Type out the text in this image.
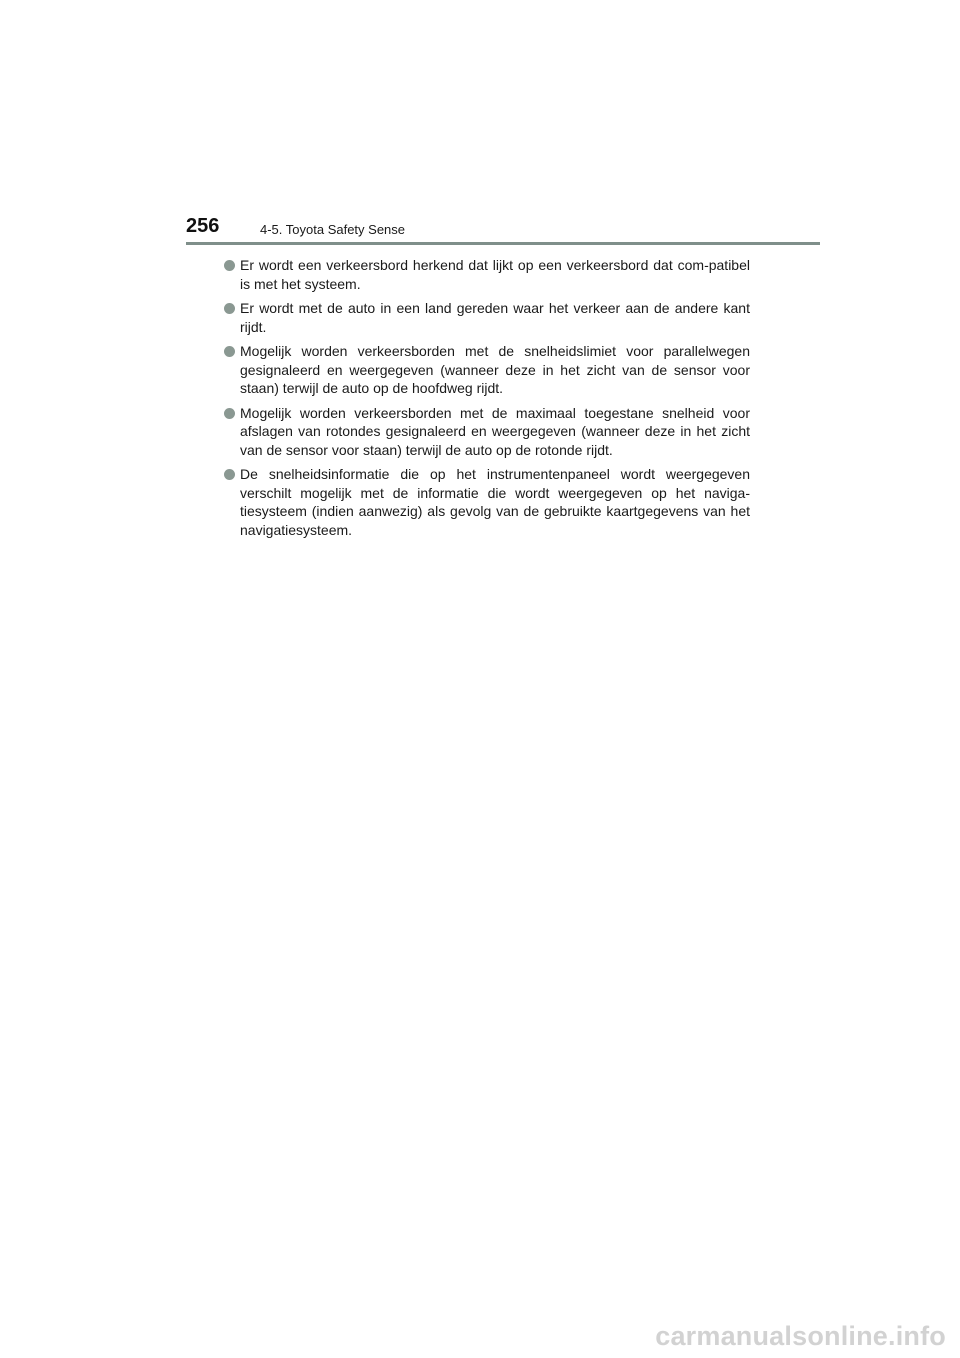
256	4-5. Toyota Safety Sense
Er wordt een verkeersbord herkend dat lijkt op een verkeersbord dat com-patibel is met het systeem.
Er wordt met de auto in een land gereden waar het verkeer aan de andere kant rijdt.
Mogelijk worden verkeersborden met de snelheidslimiet voor parallelwegen gesignaleerd en weergegeven (wanneer deze in het zicht van de sensor voor staan) terwijl de auto op de hoofdweg rijdt.
Mogelijk worden verkeersborden met de maximaal toegestane snelheid voor afslagen van rotondes gesignaleerd en weergegeven (wanneer deze in het zicht van de sensor voor staan) terwijl de auto op de rotonde rijdt.
De snelheidsinformatie die op het instrumentenpaneel wordt weergegeven verschilt mogelijk met de informatie die wordt weergegeven op het naviga-tiesysteem (indien aanwezig) als gevolg van de gebruikte kaartgegevens van het navigatiesysteem.
carmanualsonline.info
